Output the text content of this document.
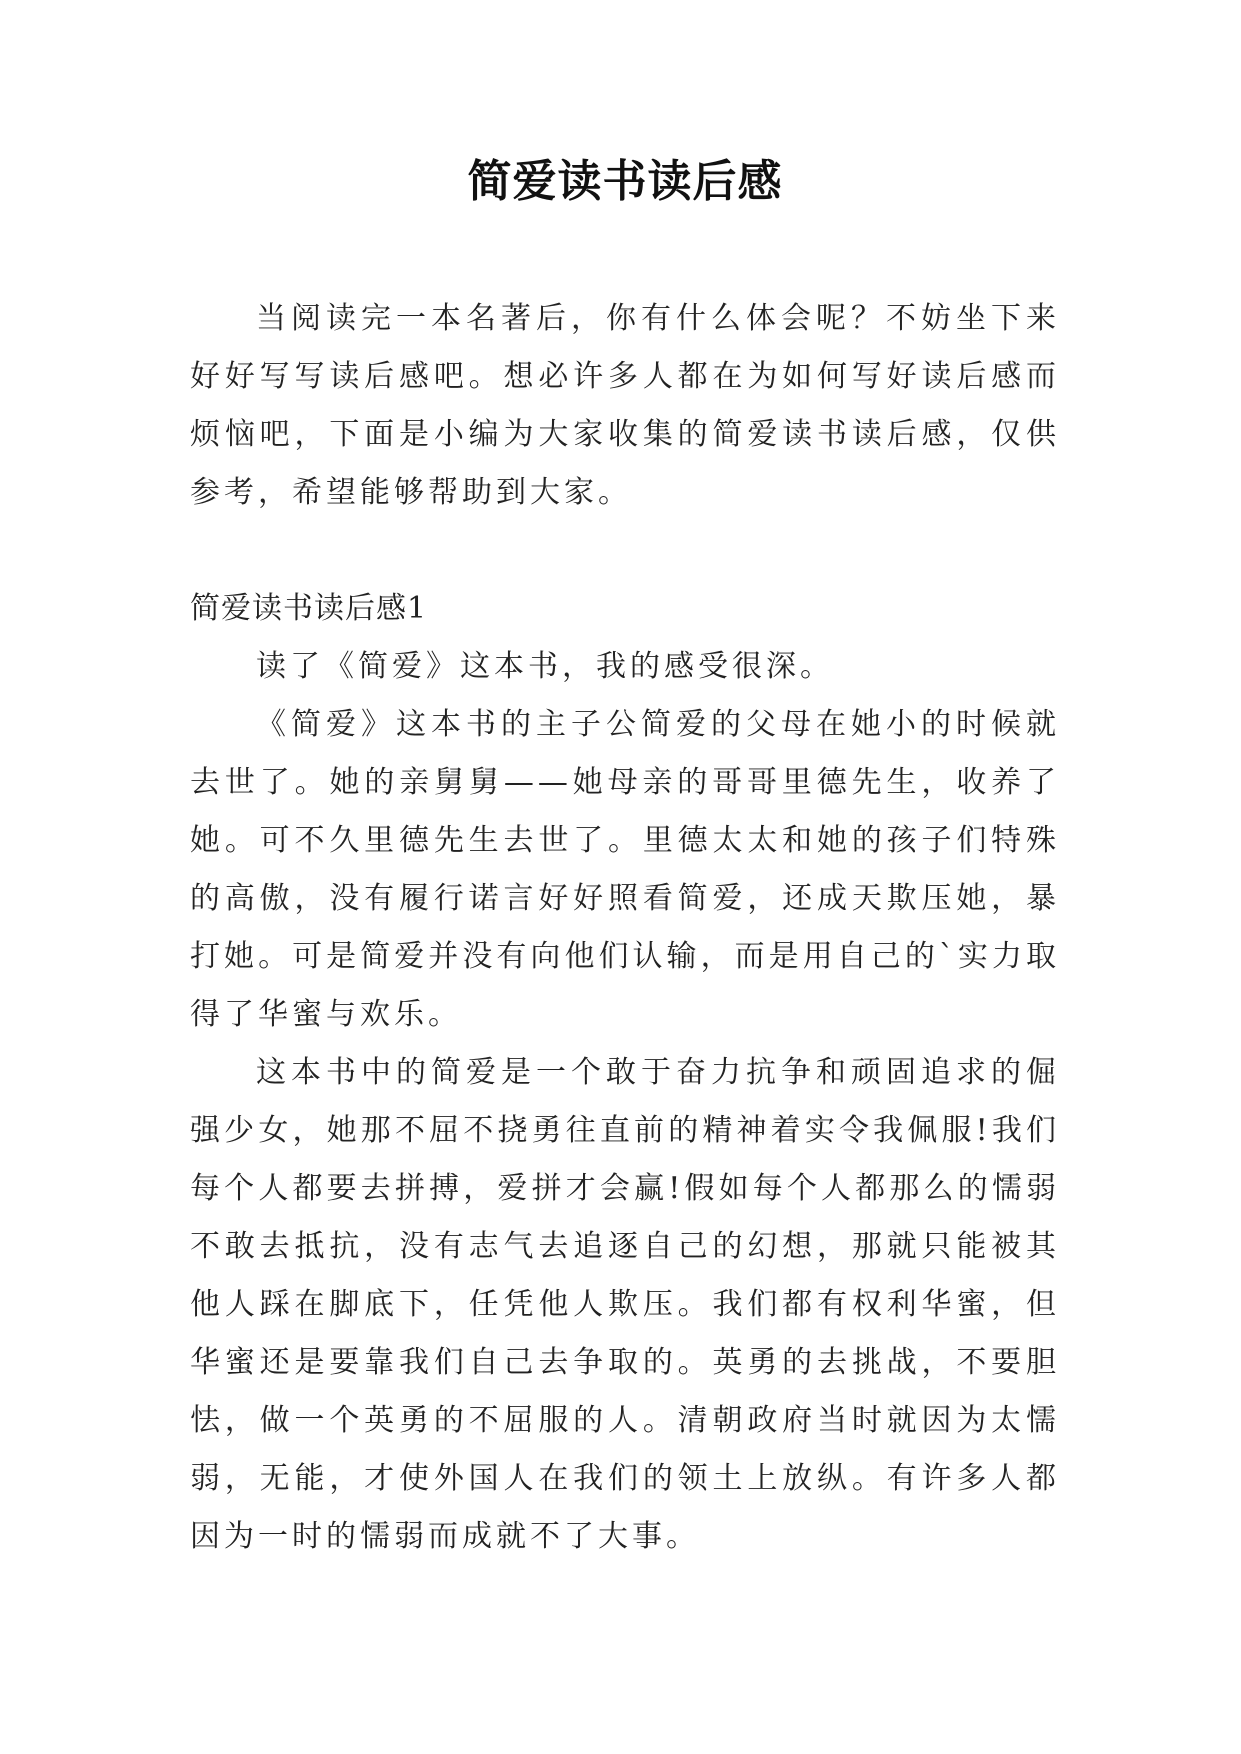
简爱读书读后感

当阅读完一本名著后，你有什么体会呢？不妨坐下来好好写写读后感吧。想必许多人都在为如何写好读后感而烦恼吧，下面是小编为大家收集的简爱读书读后感，仅供参考，希望能够帮助到大家。

简爱读书读后感1

读了《简爱》这本书，我的感受很深。

《简爱》这本书的主子公简爱的父母在她小的时候就去世了。她的亲舅舅——她母亲的哥哥里德先生，收养了她。可不久里德先生去世了。里德太太和她的孩子们特殊的高傲，没有履行诺言好好照看简爱，还成天欺压她，暴打她。可是简爱并没有向他们认输，而是用自己的`实力取得了华蜜与欢乐。

这本书中的简爱是一个敢于奋力抗争和顽固追求的倔强少女，她那不屈不挠勇往直前的精神着实令我佩服!我们每个人都要去拼搏，爱拼才会赢!假如每个人都那么的懦弱不敢去抵抗，没有志气去追逐自己的幻想，那就只能被其他人踩在脚底下，任凭他人欺压。我们都有权利华蜜，但华蜜还是要靠我们自己去争取的。英勇的去挑战，不要胆怯，做一个英勇的不屈服的人。清朝政府当时就因为太懦弱，无能，才使外国人在我们的领土上放纵。有许多人都因为一时的懦弱而成就不了大事。
